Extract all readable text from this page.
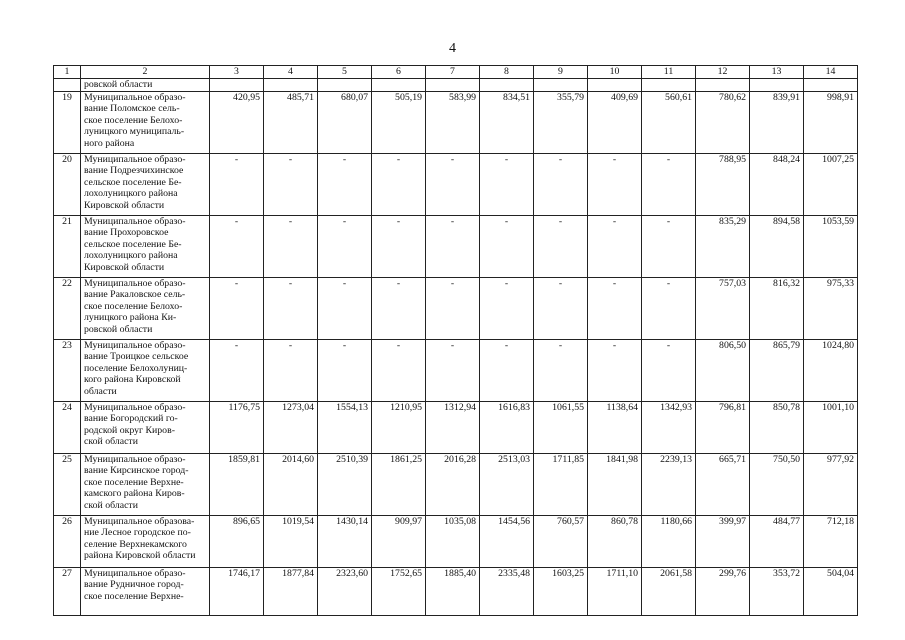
4
1	2	3	4	5	6	7	8	9	10	11	12	13	14
	ровской области												
19	Муниципальное образо-
вание Поломское сель-
ское поселение Белохо-
луницкого муниципаль-
ного района	420,95	485,71	680,07	505,19	583,99	834,51	355,79	409,69	560,61	780,62	839,91	998,91
20	Муниципальное образо-
вание Подрезчихинское
сельское поселение Бе-
лохолуницкого района
Кировской области	-	-	-	-	-	-	-	-	-	788,95	848,24	1007,25
21	Муниципальное образо-
вание Прохоровское
сельское поселение Бе-
лохолуницкого района
Кировской области	-	-	-	-	-	-	-	-	-	835,29	894,58	1053,59
22	Муниципальное образо-
вание Ракаловское сель-
ское поселение Белохо-
луницкого района Ки-
ровской области	-	-	-	-	-	-	-	-	-	757,03	816,32	975,33
23	Муниципальное образо-
вание Троицкое сельское
поселение Белохолуниц-
кого района Кировской
области	-	-	-	-	-	-	-	-	-	806,50	865,79	1024,80
24	Муниципальное образо-
вание Богородский го-
родской округ Киров-
ской области	1176,75	1273,04	1554,13	1210,95	1312,94	1616,83	1061,55	1138,64	1342,93	796,81	850,78	1001,10
25	Муниципальное образо-
вание Кирсинское город-
ское поселение Верхне-
камского района Киров-
ской области	1859,81	2014,60	2510,39	1861,25	2016,28	2513,03	1711,85	1841,98	2239,13	665,71	750,50	977,92
26	Муниципальное образова-
ние Лесное городское по-
селение Верхнекамского
района Кировской области	896,65	1019,54	1430,14	909,97	1035,08	1454,56	760,57	860,78	1180,66	399,97	484,77	712,18
27	Муниципальное образо-
вание Рудничное город-
ское поселение Верхне-	1746,17	1877,84	2323,60	1752,65	1885,40	2335,48	1603,25	1711,10	2061,58	299,76	353,72	504,04
